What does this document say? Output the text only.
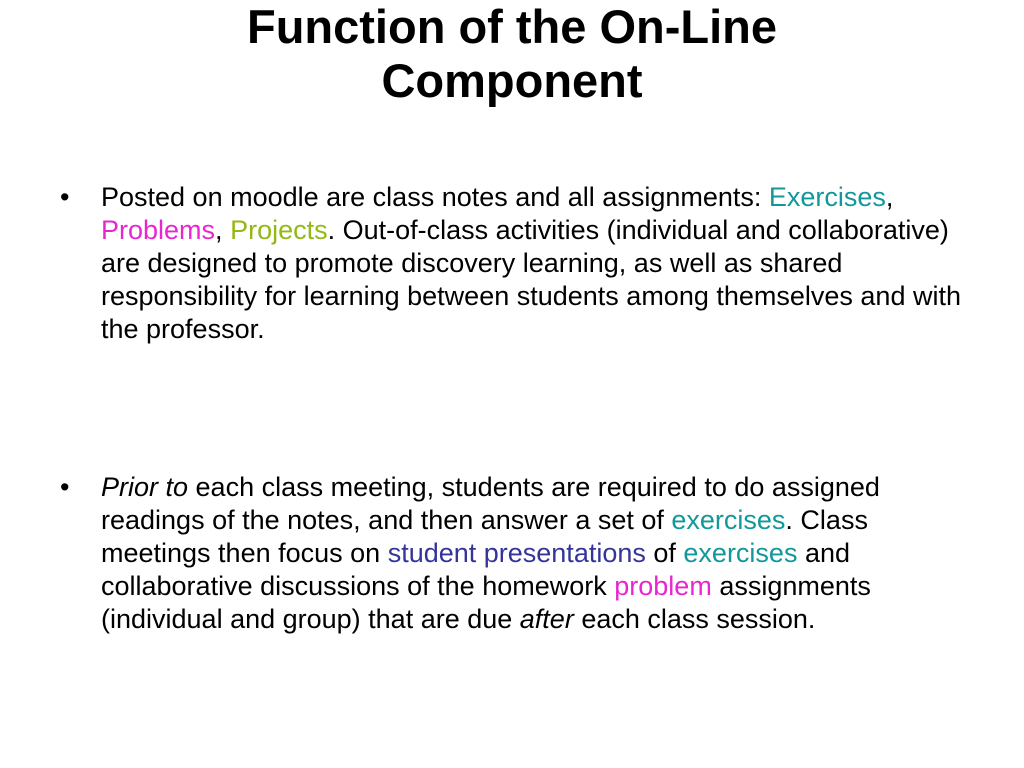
Function of the On-Line
Component
• Posted on moodle are class notes and all assignments: Exercises, Problems, Projects. Out-of-class activities (individual and collaborative) are designed to promote discovery learning, as well as shared responsibility for learning between students among themselves and with the professor.
• Prior to each class meeting, students are required to do assigned readings of the notes, and then answer a set of exercises. Class meetings then focus on student presentations of exercises and collaborative discussions of the homework problem assignments (individual and group) that are due after each class session.
